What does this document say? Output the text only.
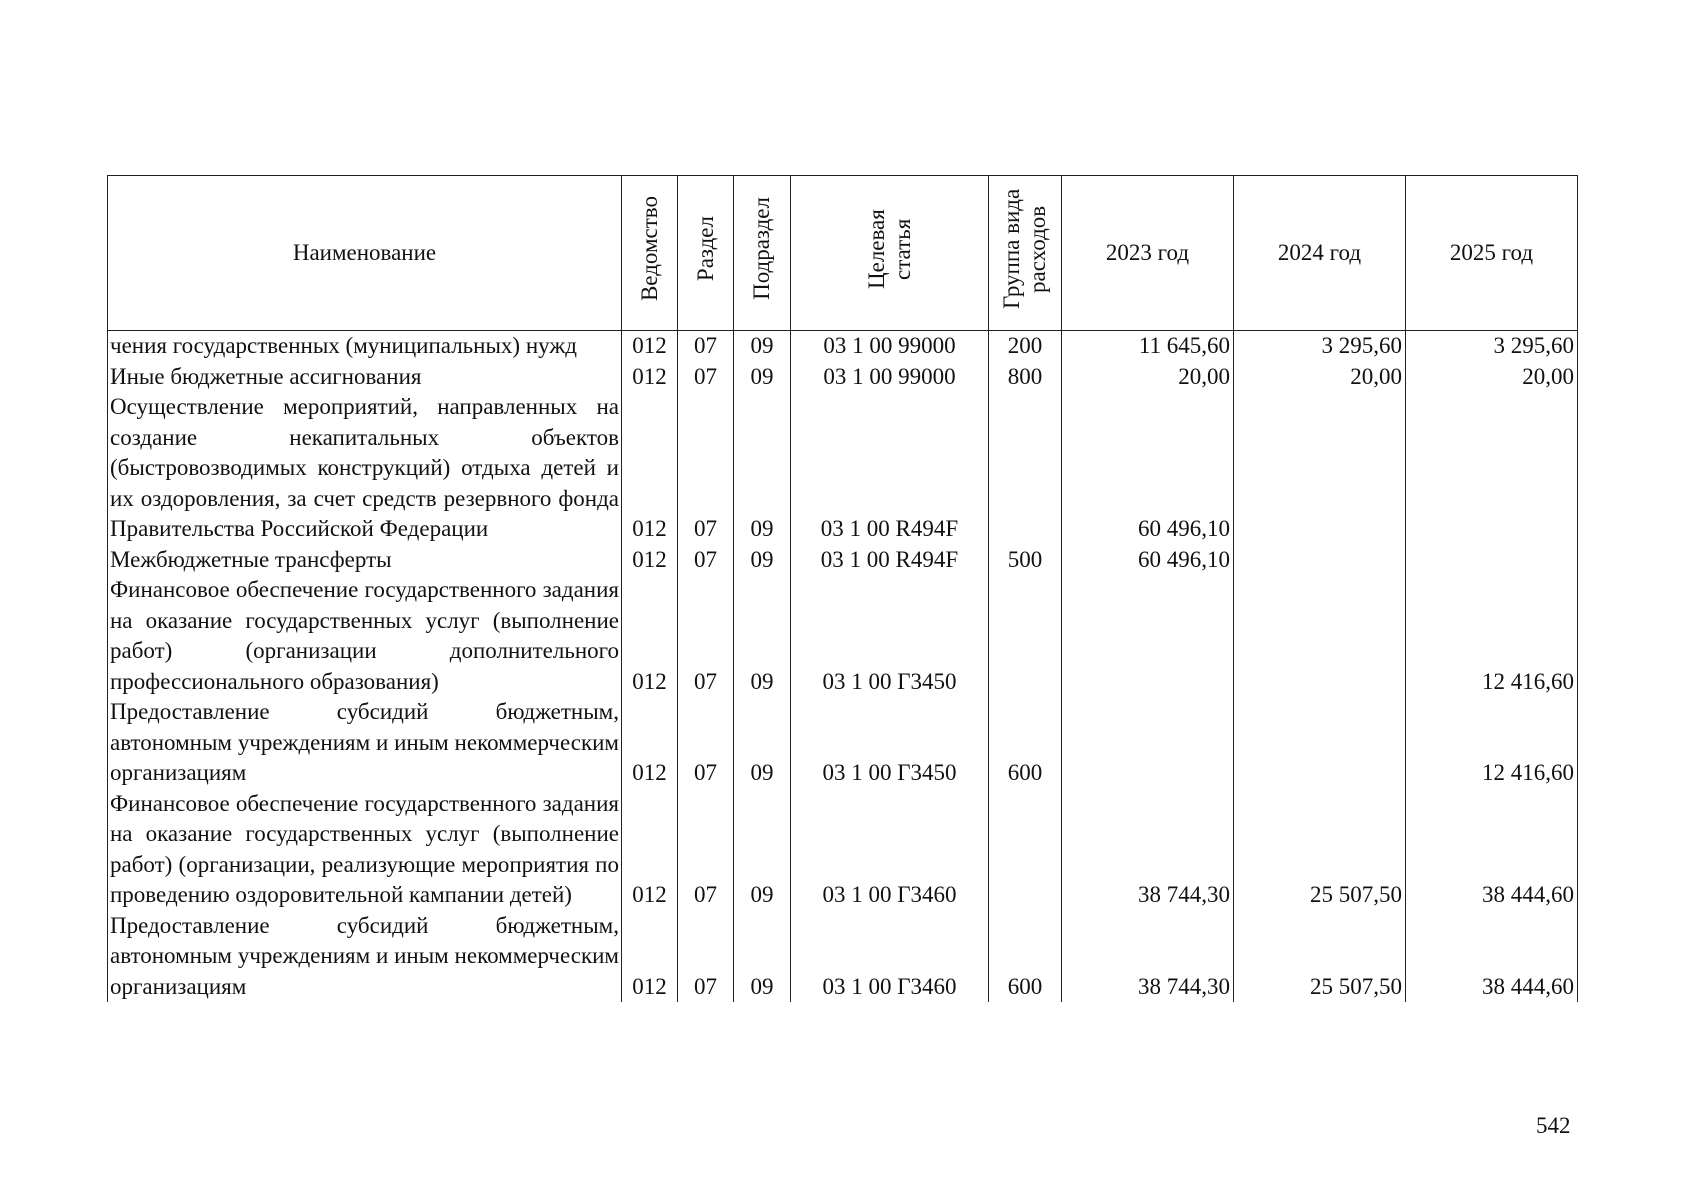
Наименование	Ведомство	Раздел	Подраздел	Целевая статья	Группа вида расходов	2023 год	2024 год	2025 год
чения государственных (муниципальных) нужд	012	07	09	03 1 00 99000	200	11 645,60	3 295,60	3 295,60
Иные бюджетные ассигнования	012	07	09	03 1 00 99000	800	20,00	20,00	20,00
Осуществление мероприятий, направленных на создание некапитальных объектов (быстровозводимых конструкций) отдыха детей и их оздоровления, за счет средств резервного фонда Правительства Российской Федерации	012	07	09	03 1 00 R494F		60 496,10		
Межбюджетные трансферты	012	07	09	03 1 00 R494F	500	60 496,10		
Финансовое обеспечение государственного задания на оказание государственных услуг (выполнение работ) (организации дополнительного профессионального образования)	012	07	09	03 1 00 Г3450				12 416,60
Предоставление субсидий бюджетным, автономным учреждениям и иным некоммерческим организациям	012	07	09	03 1 00 Г3450	600			12 416,60
Финансовое обеспечение государственного задания на оказание государственных услуг (выполнение работ) (организации, реализующие мероприятия по проведению оздоровительной кампании детей)	012	07	09	03 1 00 Г3460		38 744,30	25 507,50	38 444,60
Предоставление субсидий бюджетным, автономным учреждениям и иным некоммерческим организациям	012	07	09	03 1 00 Г3460	600	38 744,30	25 507,50	38 444,60
542
